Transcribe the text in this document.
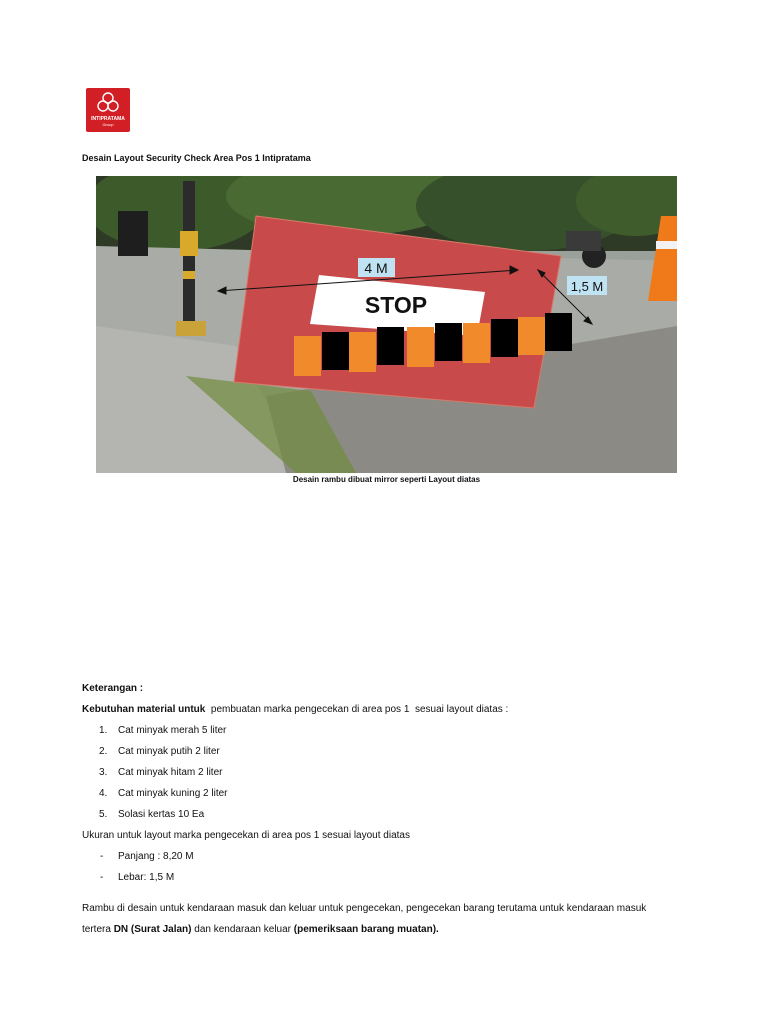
INTIPRATAMA
Group
Desain Layout Security Check Area Pos 1 Intipratama
STOP
4 M
1,5 M
Desain rambu dibuat mirror seperti Layout diatas

Keterangan :

Kebutuhan material untuk  pembuatan marka pengecekan di area pos 1  sesuai layout diatas :

1. Cat minyak merah 5 liter
2. Cat minyak putih 2 liter
3. Cat minyak hitam 2 liter
4. Cat minyak kuning 2 liter
5. Solasi kertas 10 Ea

Ukuran untuk layout marka pengecekan di area pos 1 sesuai layout diatas

- Panjang : 8,20 M
- Lebar: 1,5 M

Rambu di desain untuk kendaraan masuk dan keluar untuk pengecekan, pengecekan barang terutama untuk kendaraan masuk

tertera DN (Surat Jalan) dan kendaraan keluar (pemeriksaan barang muatan).
